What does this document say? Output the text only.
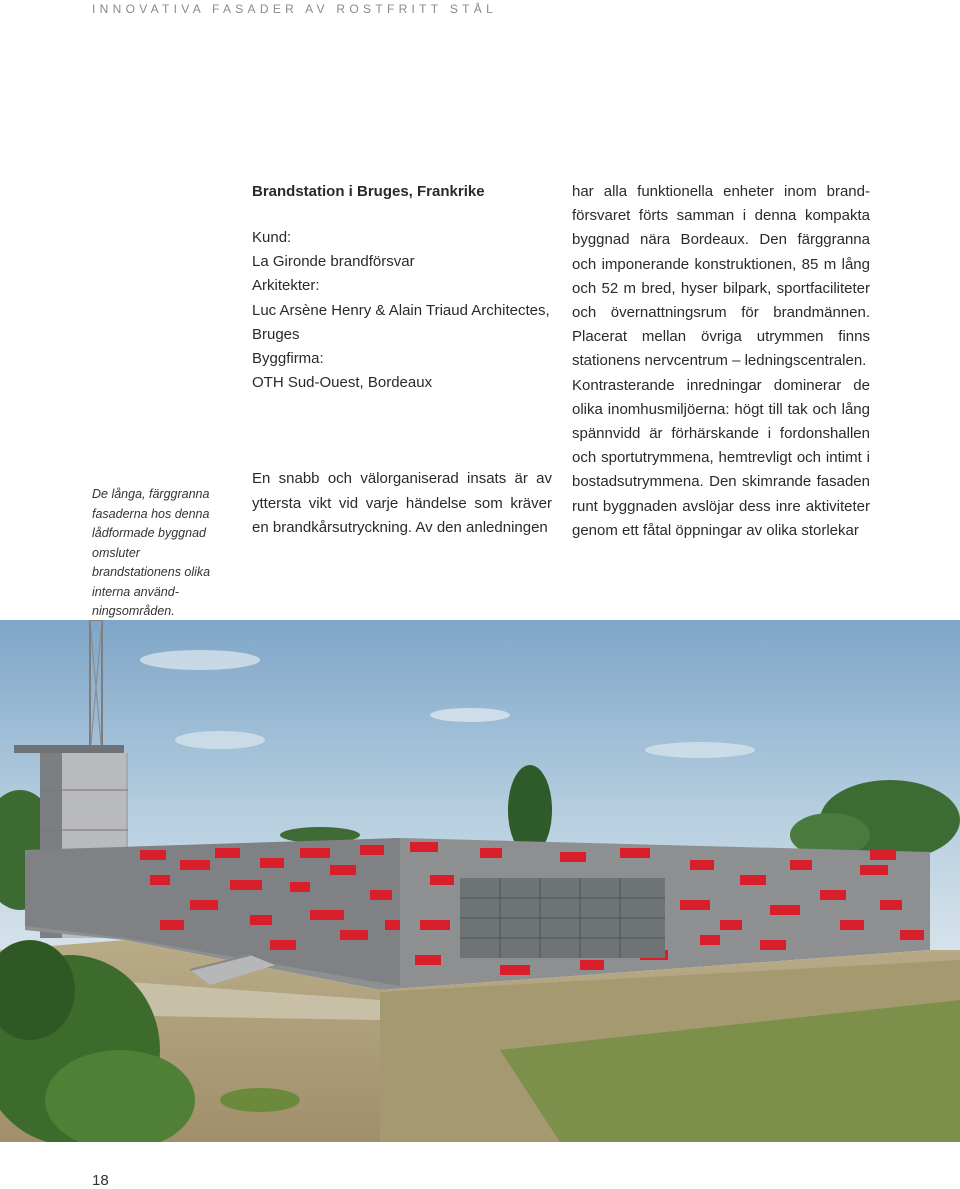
INNOVATIVA FASADER AV ROSTFRITT STÅL
De långa, färggranna fasaderna hos denna lådformade byggnad omsluter brandstationens olika interna användningsområden.
Brandstation i Bruges, Frankrike
Kund:
La Gironde brandförsvar
Arkitekter:
Luc Arsène Henry & Alain Triaud Architectes, Bruges
Byggfirma:
OTH Sud-Ouest, Bordeaux

En snabb och välorganiserad insats är av yttersta vikt vid varje händelse som kräver en brandkårsutryckning. Av den anledningen

har alla funktionella enheter inom brandförsvaret förts samman i denna kompakta byggnad nära Bordeaux. Den färggranna och imponerande konstruktionen, 85 m lång och 52 m bred, hyser bilpark, sportfaciliteter och övernattningsrum för brandmännen. Placerat mellan övriga utrymmen finns stationens nervcentrum – ledningscentralen.

Kontrasterande inredningar dominerar de olika inomhusmiljöerna: högt till tak och lång spännvidd är förhärskande i fordonshallen och sportutrymmena, hemtrevligt och intimt i bostadsutrymmena. Den skimrande fasaden runt byggnaden avslöjar dess inre aktiviteter genom ett fåtal öppningar av olika storlekar

18
